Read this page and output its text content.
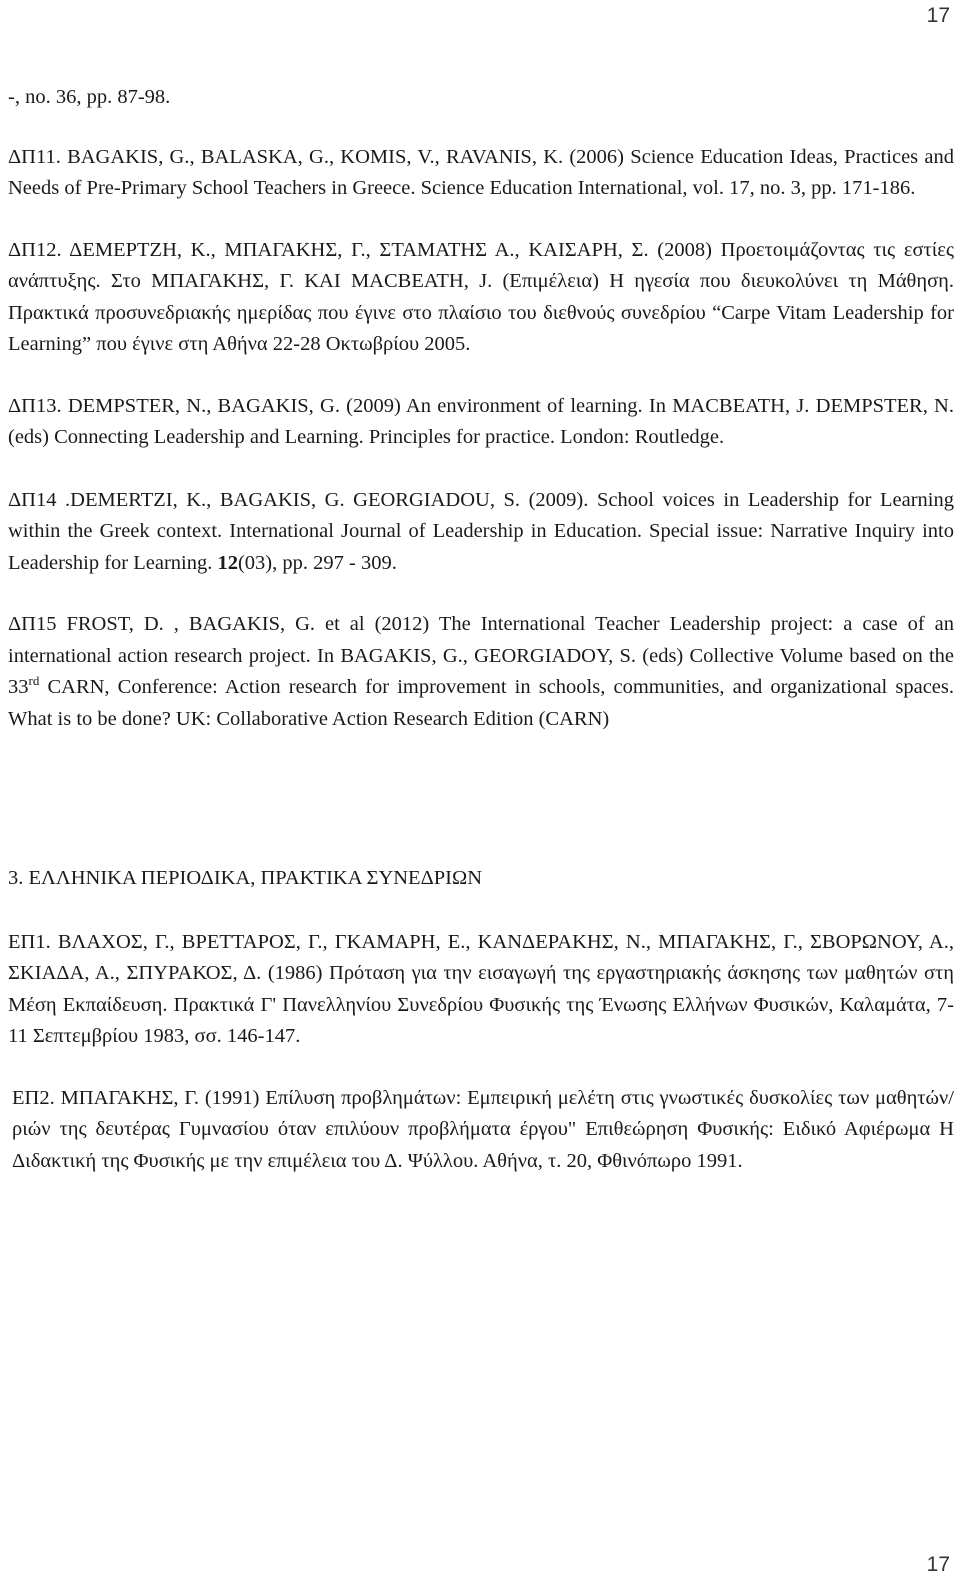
17

-, no. 36, pp. 87-98.

ΔΠ11. BAGAKIS, G., BALASKA, G., KOMIS, V., RAVANIS, K. (2006) Science Education Ideas, Practices and Needs of Pre-Primary School Teachers in Greece. Science Education International, vol. 17, no. 3, pp. 171-186.

ΔΠ12. ΔΕΜΕΡΤΖΗ, Κ., ΜΠΑΓΑΚΗΣ, Γ., ΣΤΑΜΑΤΗΣ Α., ΚΑΙΣΑΡΗ, Σ. (2008) Προετοιμάζοντας τις εστίες ανάπτυξης. Στο ΜΠΑΓΑΚΗΣ, Γ. ΚΑΙ MACBEATH, J. (Επιμέλεια) Η ηγεσία που διευκολύνει τη Μάθηση. Πρακτικά προσυνεδριακής ημερίδας που έγινε στο πλαίσιο του διεθνούς συνεδρίου “Carpe Vitam Leadership for Learning” που έγινε στη Αθήνα 22-28 Οκτωβρίου 2005.

ΔΠ13. DEMPSTER, N., BAGAKIS, G. (2009) An environment of learning. In MACBEATH, J. DEMPSTER, N. (eds) Connecting Leadership and Learning. Principles for practice. London: Routledge.

ΔΠ14 .DEMERTZI, K., BAGAKIS, G. GEORGIADOU, S. (2009). School voices in Leadership for Learning within the Greek context. International Journal of Leadership in Education. Special issue: Narrative Inquiry into Leadership for Learning. 12(03), pp. 297 - 309.

ΔΠ15 FROST, D. , BAGAKIS, G. et al (2012) The International Teacher Leadership project: a case of an international action research project. In BAGAKIS, G., GEORGIADOY, S. (eds) Collective Volume based on the 33rd CARN, Conference: Action research for improvement in schools, communities, and organizational spaces. What is to be done? UK: Collaborative Action Research Edition (CARN)

3. ΕΛΛΗΝΙΚΑ ΠΕΡΙΟΔΙΚΑ, ΠΡΑΚΤΙΚΑ ΣΥΝΕΔΡΙΩΝ

ΕΠ1. ΒΛΑΧΟΣ, Γ., ΒΡΕΤΤΑΡΟΣ, Γ., ΓΚΑΜΑΡΗ, Ε., ΚΑΝΔΕΡΑΚΗΣ, Ν., ΜΠΑΓΑΚΗΣ, Γ., ΣΒΟΡΩΝΟΥ, Α., ΣΚΙΑΔΑ, Α., ΣΠΥΡΑΚΟΣ, Δ. (1986) Πρόταση για την εισαγωγή της εργαστηριακής άσκησης των μαθητών στη Μέση Εκπαίδευση. Πρακτικά Γ' Πανελληνίου Συνεδρίου Φυσικής της Ένωσης Ελλήνων Φυσικών, Καλαμάτα, 7-11 Σεπτεμβρίου 1983, σσ. 146-147.

ΕΠ2. ΜΠΑΓΑΚΗΣ, Γ. (1991) Επίλυση προβλημάτων: Εμπειρική μελέτη στις γνωστικές δυσκολίες των μαθητών/ριών της δευτέρας Γυμνασίου όταν επιλύουν προβλήματα έργου" Επιθεώρηση Φυσικής: Ειδικό Αφιέρωμα Η Διδακτική της Φυσικής με την επιμέλεια του Δ. Ψύλλου. Αθήνα, τ. 20, Φθινόπωρο 1991.

17
